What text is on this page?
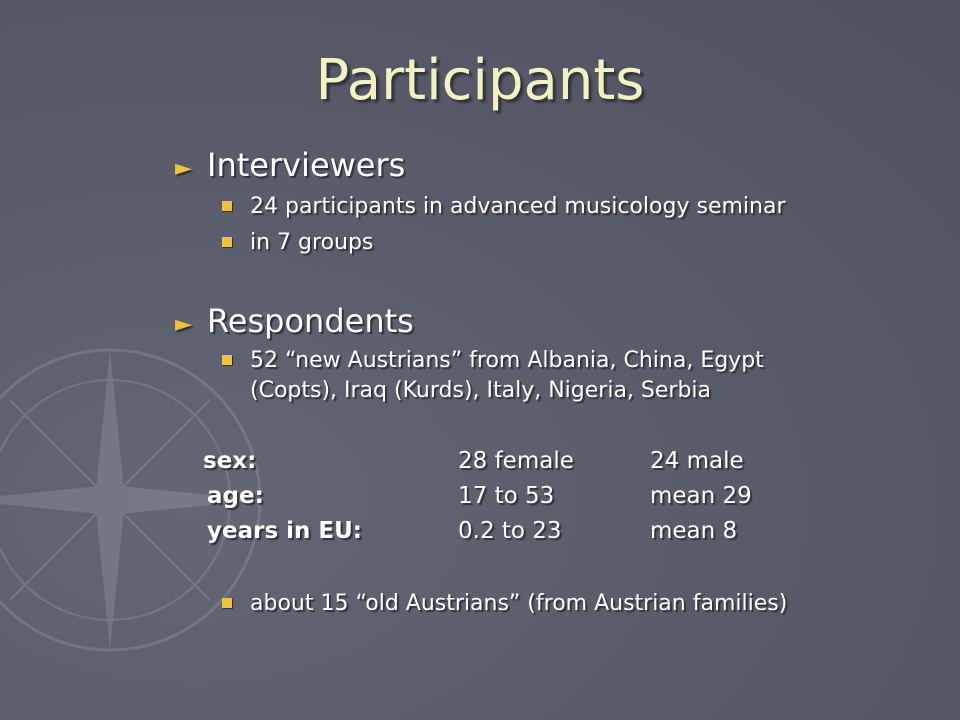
Participants
► Interviewers
24 participants in advanced musicology seminar
in 7 groups
► Respondents
52 “new Austrians” from Albania, China, Egypt (Copts), Iraq (Kurds), Italy, Nigeria, Serbia
sex:	28 female	24 male
age:	17 to 53	mean 29
years in EU:	0.2 to 23	mean 8
about 15 “old Austrians” (from Austrian families)
